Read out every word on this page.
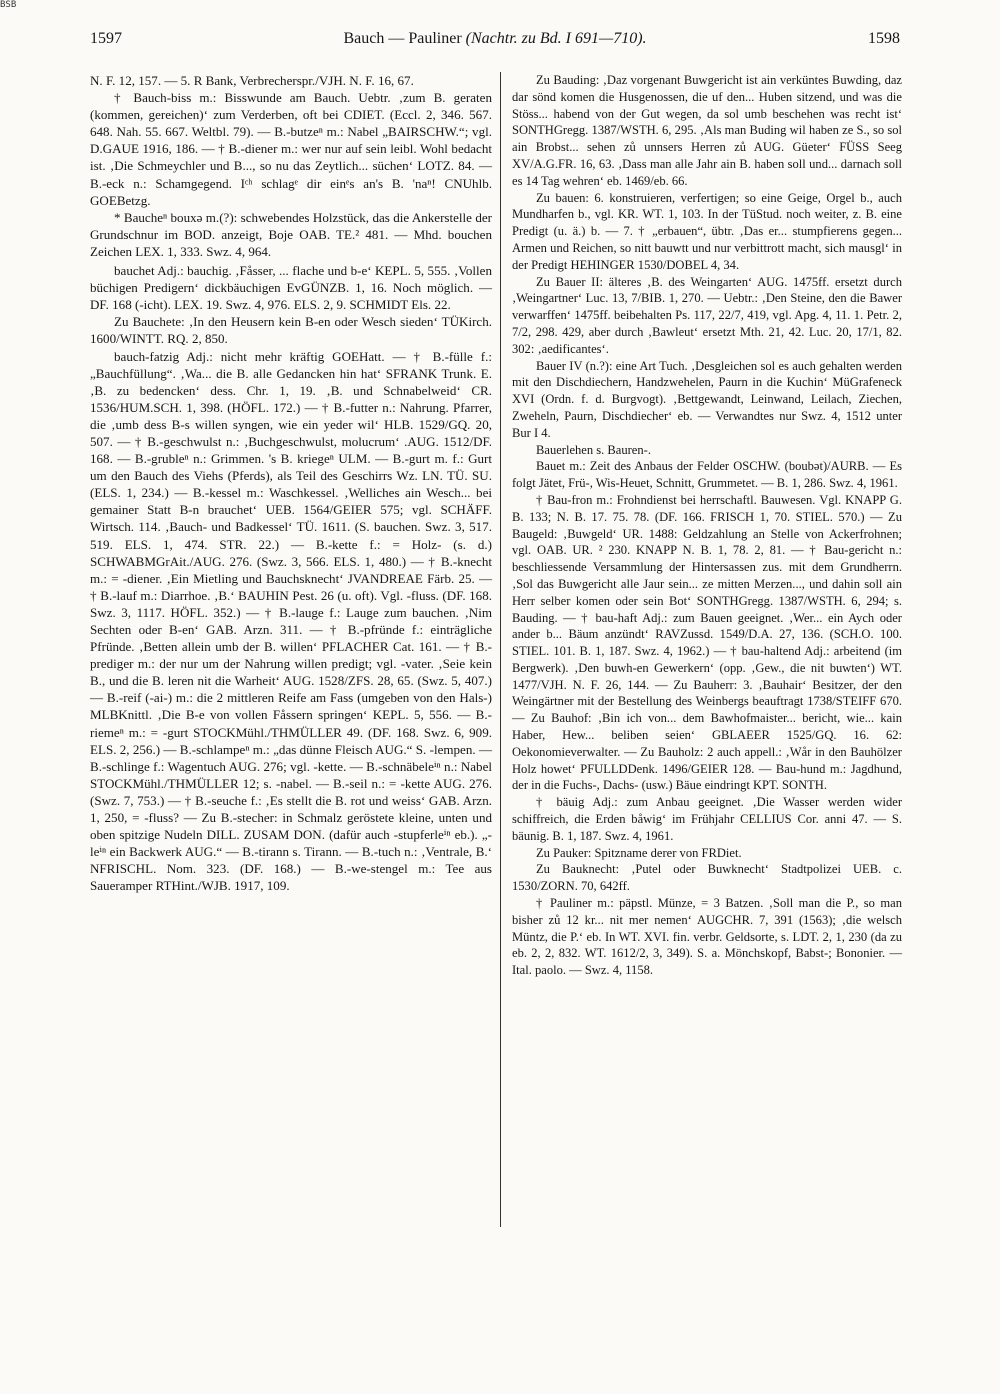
BSB
1597	Bauch — Pauliner (Nachtr. zu Bd. I 691—710).	1598

N. F. 12, 157. — 5. R Bank, Verbrecherspr./VJH. N. F. 16, 67.

† Bauch-biss m.: Bisswunde am Bauch. Uebtr. ‚zum B. geraten (kommen, gereichen)‘ zum Verderben, oft bei CDIET. (Eccl. 2, 346. 567. 648. Nah. 55. 667. Weltbl. 79). — B.-butzeⁿ m.: Nabel „BAIRSCHW.“; vgl. D.GAUE 1916, 186. — † B.-diener m.: wer nur auf sein leibl. Wohl bedacht ist. ‚Die Schmeychler und B..., so nu das Zeytlich... süchen‘ LOTZ. 84. — B.-eck n.: Schamgegend. Iᶜʰ schlagᵉ dir einᵉs an's B. 'naⁿ! CNUhlb. GOEBetzg.

* Baucheⁿ bouxə m.(?): schwebendes Holzstück, das die Ankerstelle der Grundschnur im BOD. anzeigt, Boje OAB. TE.² 481. — Mhd. bouchen Zeichen LEX. 1, 333. Swz. 4, 964.

bauchet Adj.: bauchig. ‚Fåsser, ... flache und b-e‘ KEPL. 5, 555. ‚Vollen büchigen Predigern‘ dickbäuchigen EvGÜNZB. 1, 16. Noch möglich. — DF. 168 (-icht). LEX. 19. Swz. 4, 976. ELS. 2, 9. SCHMIDT Els. 22.

Zu Bauchete: ‚In den Heusern kein B-en oder Wesch sieden‘ TÜKirch. 1600/WINTT. RQ. 2, 850.

bauch-fatzig Adj.: nicht mehr kräftig GOEHatt. — † B.-fülle f.: „Bauchfüllung“. ‚Wa... die B. alle Gedancken hin hat‘ SFRANK Trunk. E. ‚B. zu bedencken‘ dess. Chr. 1, 19. ‚B. und Schnabelweid‘ CR. 1536/HUM.SCH. 1, 398. (HÖFL. 172.) — † B.-futter n.: Nahrung. Pfarrer, die ‚umb dess B-s willen syngen, wie ein yeder wil‘ HLB. 1529/GQ. 20, 507. — † B.-geschwulst n.: ‚Buchgeschwulst, molucrum‘ .AUG. 1512/DF. 168. — B.-grubleⁿ n.: Grimmen. 's B. kriegeⁿ ULM. — B.-gurt m. f.: Gurt um den Bauch des Viehs (Pferds), als Teil des Geschirrs Wz. LN. TÜ. SU. (ELS. 1, 234.) — B.-kessel m.: Waschkessel. ‚Welliches ain Wesch... bei gemainer Statt B-n brauchet‘ UEB. 1564/GEIER 575; vgl. SCHÄFF. Wirtsch. 114. ‚Bauch- und Badkessel‘ TÜ. 1611. (S. bauchen. Swz. 3, 517. 519. ELS. 1, 474. STR. 22.) — B.-kette f.: = Holz- (s. d.) SCHWABMGrAit./AUG. 276. (Swz. 3, 566. ELS. 1, 480.) — † B.-knecht m.: = -diener. ‚Ein Mietling und Bauchsknecht‘ JVANDREAE Färb. 25. — † B.-lauf m.: Diarrhoe. ‚B.‘ BAUHIN Pest. 26 (u. oft). Vgl. -fluss. (DF. 168. Swz. 3, 1117. HÖFL. 352.) — † B.-lauge f.: Lauge zum bauchen. ‚Nim Sechten oder B-en‘ GAB. Arzn. 311. — † B.-pfründe f.: einträgliche Pfründe. ‚Betten allein umb der B. willen‘ PFLACHER Cat. 161. — † B.-prediger m.: der nur um der Nahrung willen predigt; vgl. -vater. ‚Seie kein B., und die B. leren nit die Warheit‘ AUG. 1528/ZFS. 28, 65. (Swz. 5, 407.) — B.-reif (-ai-) m.: die 2 mittleren Reife am Fass (umgeben von den Hals-) MLBKnittl. ‚Die B-e von vollen Fåssern springen‘ KEPL. 5, 556. — B.-riemeⁿ m.: = -gurt STOCKMühl./THMÜLLER 49. (DF. 168. Swz. 6, 909. ELS. 2, 256.) — B.-schlampeⁿ m.: „das dünne Fleisch AUG.“ S. -lempen. — B.-schlinge f.: Wagentuch AUG. 276; vgl. -kette. — B.-schnäbeleⁱⁿ n.: Nabel STOCKMühl./THMÜLLER 12; s. -nabel. — B.-seil n.: = -kette AUG. 276. (Swz. 7, 753.) — † B.-seuche f.: ‚Es stellt die B. rot und weiss‘ GAB. Arzn. 1, 250, = -fluss? — Zu B.-stecher: in Schmalz geröstete kleine, unten und oben spitzige Nudeln DILL. ZUSAM DON. (dafür auch -stupferleⁱⁿ eb.). „-leⁱⁿ ein Backwerk AUG.“ — B.-tirann s. Tirann. — B.-tuch n.: ‚Ventrale, B.‘ NFRISCHL. Nom. 323. (DF. 168.) — B.-we-stengel m.: Tee aus Saueramper RTHint./WJB. 1917, 109.

Zu Bauding: ‚Daz vorgenant Buwgericht ist ain verküntes Buwding, daz dar sönd komen die Husgenossen, die uf den... Huben sitzend, und was die Stöss... habend von der Gut wegen, da sol umb beschehen was recht ist‘ SONTHGregg. 1387/WSTH. 6, 295. ‚Als man Buding wil haben ze S., so sol ain Brobst... sehen zů unnsers Herren zů AUG. Güeter‘ FÜSS Seeg XV/A.G.FR. 16, 63. ‚Dass man alle Jahr ain B. haben soll und... darnach soll es 14 Tag wehren‘ eb. 1469/eb. 66.

Zu bauen: 6. konstruieren, verfertigen; so eine Geige, Orgel b., auch Mundharfen b., vgl. KR. WT. 1, 103. In der TüStud. noch weiter, z. B. eine Predigt (u. ä.) b. — 7. † „erbauen“, übtr. ‚Das er... stumpfierens gegen... Armen und Reichen, so nitt bauwtt und nur verbittrott macht, sich mausgl‘ in der Predigt HEHINGER 1530/DOBEL 4, 34.

Zu Bauer II: älteres ‚B. des Weingarten‘ AUG. 1475ff. ersetzt durch ‚Weingartner‘ Luc. 13, 7/BIB. 1, 270. — Uebtr.: ‚Den Steine, den die Bawer verwarffen‘ 1475ff. beibehalten Ps. 117, 22/7, 419, vgl. Apg. 4, 11. 1. Petr. 2, 7/2, 298. 429, aber durch ‚Bawleut‘ ersetzt Mth. 21, 42. Luc. 20, 17/1, 82. 302: ‚aedificantes‘.

Bauer IV (n.?): eine Art Tuch. ‚Desgleichen sol es auch gehalten werden mit den Dischdiechern, Handzwehelen, Paurn in die Kuchin‘ MüGrafeneck XVI (Ordn. f. d. Burgvogt). ‚Bettgewandt, Leinwand, Leilach, Ziechen, Zweheln, Paurn, Dischdiecher‘ eb. — Verwandtes nur Swz. 4, 1512 unter Bur I 4.

Bauerlehen s. Bauren-.

Bauet m.: Zeit des Anbaus der Felder OSCHW. (boubət)/AURB. — Es folgt Jätet, Frü-, Wis-Heuet, Schnitt, Grummetet. — B. 1, 286. Swz. 4, 1961.

† Bau-fron m.: Frohndienst bei herrschaftl. Bauwesen. Vgl. KNAPP G. B. 133; N. B. 17. 75. 78. (DF. 166. FRISCH 1, 70. STIEL. 570.) — Zu Baugeld: ‚Buwgeld‘ UR. 1488: Geldzahlung an Stelle von Ackerfrohnen; vgl. OAB. UR. ² 230. KNAPP N. B. 1, 78. 2, 81. — † Bau-gericht n.: beschliessende Versammlung der Hintersassen zus. mit dem Grundherrn. ‚Sol das Buwgericht alle Jaur sein... ze mitten Merzen..., und dahin soll ain Herr selber komen oder sein Bot‘ SONTHGregg. 1387/WSTH. 6, 294; s. Bauding. — † bau-haft Adj.: zum Bauen geeignet. ‚Wer... ein Aych oder ander b... Bäum anzündt‘ RAVZussd. 1549/D.A. 27, 136. (SCH.O. 100. STIEL. 101. B. 1, 187. Swz. 4, 1962.) — † bau-haltend Adj.: arbeitend (im Bergwerk). ‚Den buwh-en Gewerkern‘ (opp. ‚Gew., die nit buwten‘) WT. 1477/VJH. N. F. 26, 144. — Zu Bauherr: 3. ‚Bauhair‘ Besitzer, der den Weingärtner mit der Bestellung des Weinbergs beauftragt 1738/STEIFF 670. — Zu Bauhof: ‚Bin ich von... dem Bawhofmaister... bericht, wie... kain Haber, Hew... beliben seien‘ GBLAEER 1525/GQ. 16. 62: Oekonomieverwalter. — Zu Bauholz: 2 auch appell.: ‚Wår in den Bauhölzer Holz howet‘ PFULLDDenk. 1496/GEIER 128. — Bau-hund m.: Jagdhund, der in die Fuchs-, Dachs- (usw.) Bäue eindringt KPT. SONTH.

† bäuig Adj.: zum Anbau geeignet. ‚Die Wasser werden wider schiffreich, die Erden båwig‘ im Frühjahr CELLIUS Cor. anni 47. — S. bäunig. B. 1, 187. Swz. 4, 1961.

Zu Pauker: Spitzname derer von FRDiet.

Zu Bauknecht: ‚Putel oder Buwknecht‘ Stadtpolizei UEB. c. 1530/ZORN. 70, 642ff.

† Pauliner m.: päpstl. Münze, = 3 Batzen. ‚Soll man die P., so man bisher zů 12 kr... nit mer nemen‘ AUGCHR. 7, 391 (1563); ‚die welsch Müntz, die P.‘ eb. In WT. XVI. fin. verbr. Geldsorte, s. LDT. 2, 1, 230 (da zu eb. 2, 2, 832. WT. 1612/2, 3, 349). S. a. Mönchskopf, Babst-; Bononier. — Ital. paolo. — Swz. 4, 1158.
